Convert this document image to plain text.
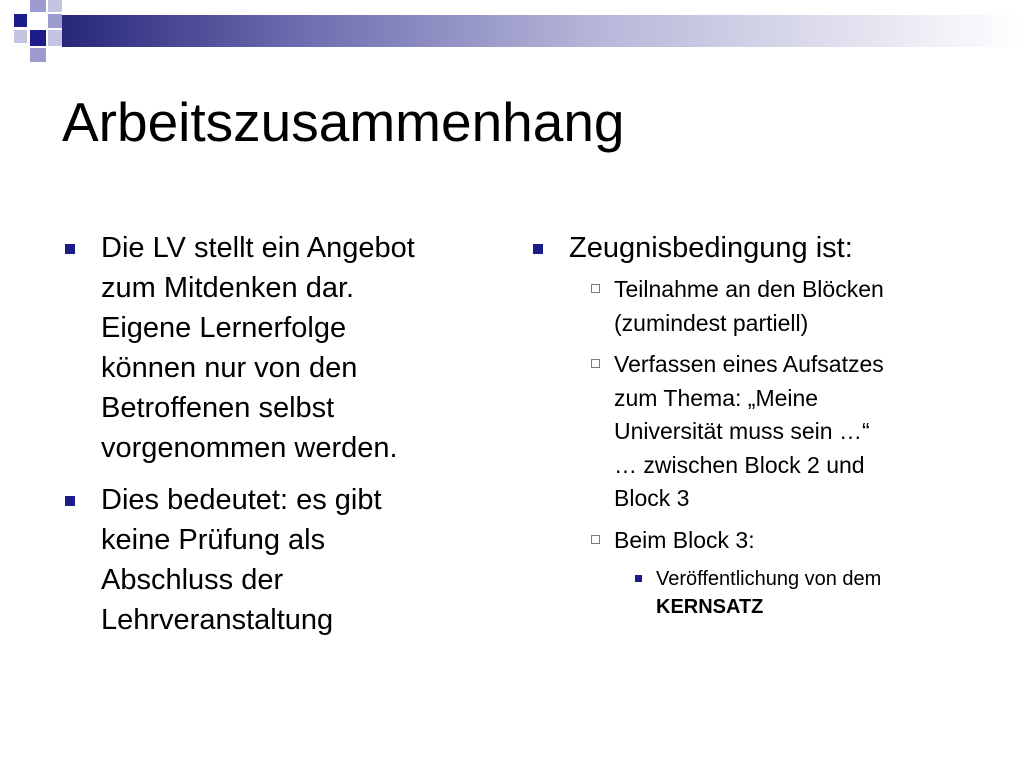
Arbeitszusammenhang
Die LV stellt ein Angebot
zum Mitdenken dar.
Eigene Lernerfolge
können nur von den
Betroffenen selbst
vorgenommen werden.
Dies bedeutet: es gibt
keine Prüfung als
Abschluss der
Lehrveranstaltung
Zeugnisbedingung ist:
Teilnahme an den Blöcken
(zumindest partiell)
Verfassen eines Aufsatzes
zum Thema: „Meine
Universität muss sein …“
… zwischen Block 2 und
Block 3
Beim Block 3:
Veröffentlichung von dem
KERNSATZ
